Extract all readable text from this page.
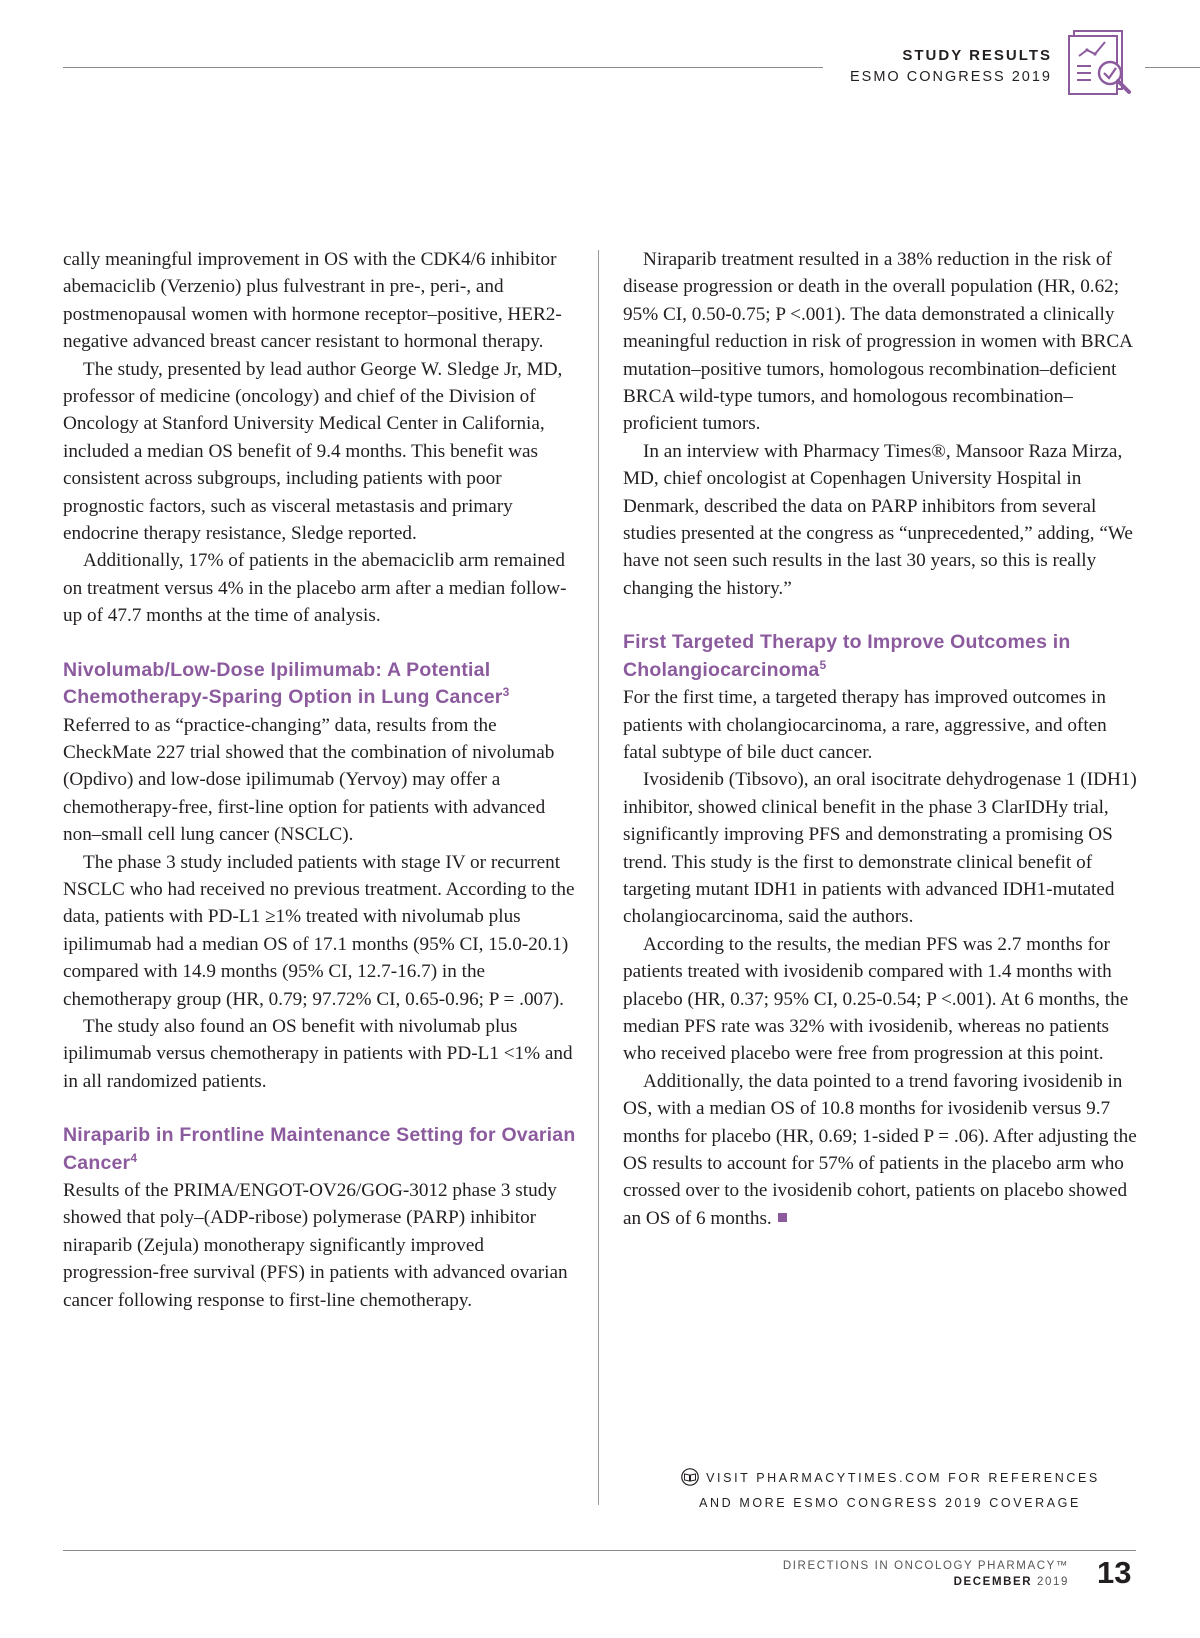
STUDY RESULTS
ESMO CONGRESS 2019

cally meaningful improvement in OS with the CDK4/6 inhibitor abemaciclib (Verzenio) plus fulvestrant in pre-, peri-, and postmenopausal women with hormone receptor–positive, HER2-negative advanced breast cancer resistant to hormonal therapy.

The study, presented by lead author George W. Sledge Jr, MD, professor of medicine (oncology) and chief of the Division of Oncology at Stanford University Medical Center in California, included a median OS benefit of 9.4 months. This benefit was consistent across subgroups, including patients with poor prognostic factors, such as visceral metastasis and primary endocrine therapy resistance, Sledge reported.

Additionally, 17% of patients in the abemaciclib arm remained on treatment versus 4% in the placebo arm after a median follow-up of 47.7 months at the time of analysis.

Nivolumab/Low-Dose Ipilimumab: A Potential Chemotherapy-Sparing Option in Lung Cancer$^3$

Referred to as “practice-changing” data, results from the CheckMate 227 trial showed that the combination of nivolumab (Opdivo) and low-dose ipilimumab (Yervoy) may offer a chemotherapy-free, first-line option for patients with advanced non–small cell lung cancer (NSCLC).

The phase 3 study included patients with stage IV or recurrent NSCLC who had received no previous treatment. According to the data, patients with PD-L1 ≥1% treated with nivolumab plus ipilimumab had a median OS of 17.1 months (95% CI, 15.0-20.1) compared with 14.9 months (95% CI, 12.7-16.7) in the chemotherapy group (HR, 0.79; 97.72% CI, 0.65-0.96; P = .007).

The study also found an OS benefit with nivolumab plus ipilimumab versus chemotherapy in patients with PD-L1 <1% and in all randomized patients.

Niraparib in Frontline Maintenance Setting for Ovarian Cancer$^4$

Results of the PRIMA/ENGOT-OV26/GOG-3012 phase 3 study showed that poly–(ADP-ribose) polymerase (PARP) inhibitor niraparib (Zejula) monotherapy significantly improved progression-free survival (PFS) in patients with advanced ovarian cancer following response to first-line chemotherapy.

Niraparib treatment resulted in a 38% reduction in the risk of disease progression or death in the overall population (HR, 0.62; 95% CI, 0.50-0.75; P <.001). The data demonstrated a clinically meaningful reduction in risk of progression in women with BRCA mutation–positive tumors, homologous recombination–deficient BRCA wild-type tumors, and homologous recombination–proficient tumors.

In an interview with Pharmacy Times®, Mansoor Raza Mirza, MD, chief oncologist at Copenhagen University Hospital in Denmark, described the data on PARP inhibitors from several studies presented at the congress as “unprecedented,” adding, “We have not seen such results in the last 30 years, so this is really changing the history.”

First Targeted Therapy to Improve Outcomes in Cholangiocarcinoma$^5$

For the first time, a targeted therapy has improved outcomes in patients with cholangiocarcinoma, a rare, aggressive, and often fatal subtype of bile duct cancer.

Ivosidenib (Tibsovo), an oral isocitrate dehydrogenase 1 (IDH1) inhibitor, showed clinical benefit in the phase 3 ClarIDHy trial, significantly improving PFS and demonstrating a promising OS trend. This study is the first to demonstrate clinical benefit of targeting mutant IDH1 in patients with advanced IDH1-mutated cholangiocarcinoma, said the authors.

According to the results, the median PFS was 2.7 months for patients treated with ivosidenib compared with 1.4 months with placebo (HR, 0.37; 95% CI, 0.25-0.54; P <.001). At 6 months, the median PFS rate was 32% with ivosidenib, whereas no patients who received placebo were free from progression at this point.

Additionally, the data pointed to a trend favoring ivosidenib in OS, with a median OS of 10.8 months for ivosidenib versus 9.7 months for placebo (HR, 0.69; 1-sided P = .06). After adjusting the OS results to account for 57% of patients in the placebo arm who crossed over to the ivosidenib cohort, patients on placebo showed an OS of 6 months.

VISIT PHARMACYTIMES.COM FOR REFERENCES
AND MORE ESMO CONGRESS 2019 COVERAGE
DIRECTIONS IN ONCOLOGY PHARMACY™
DECEMBER 2019 13
